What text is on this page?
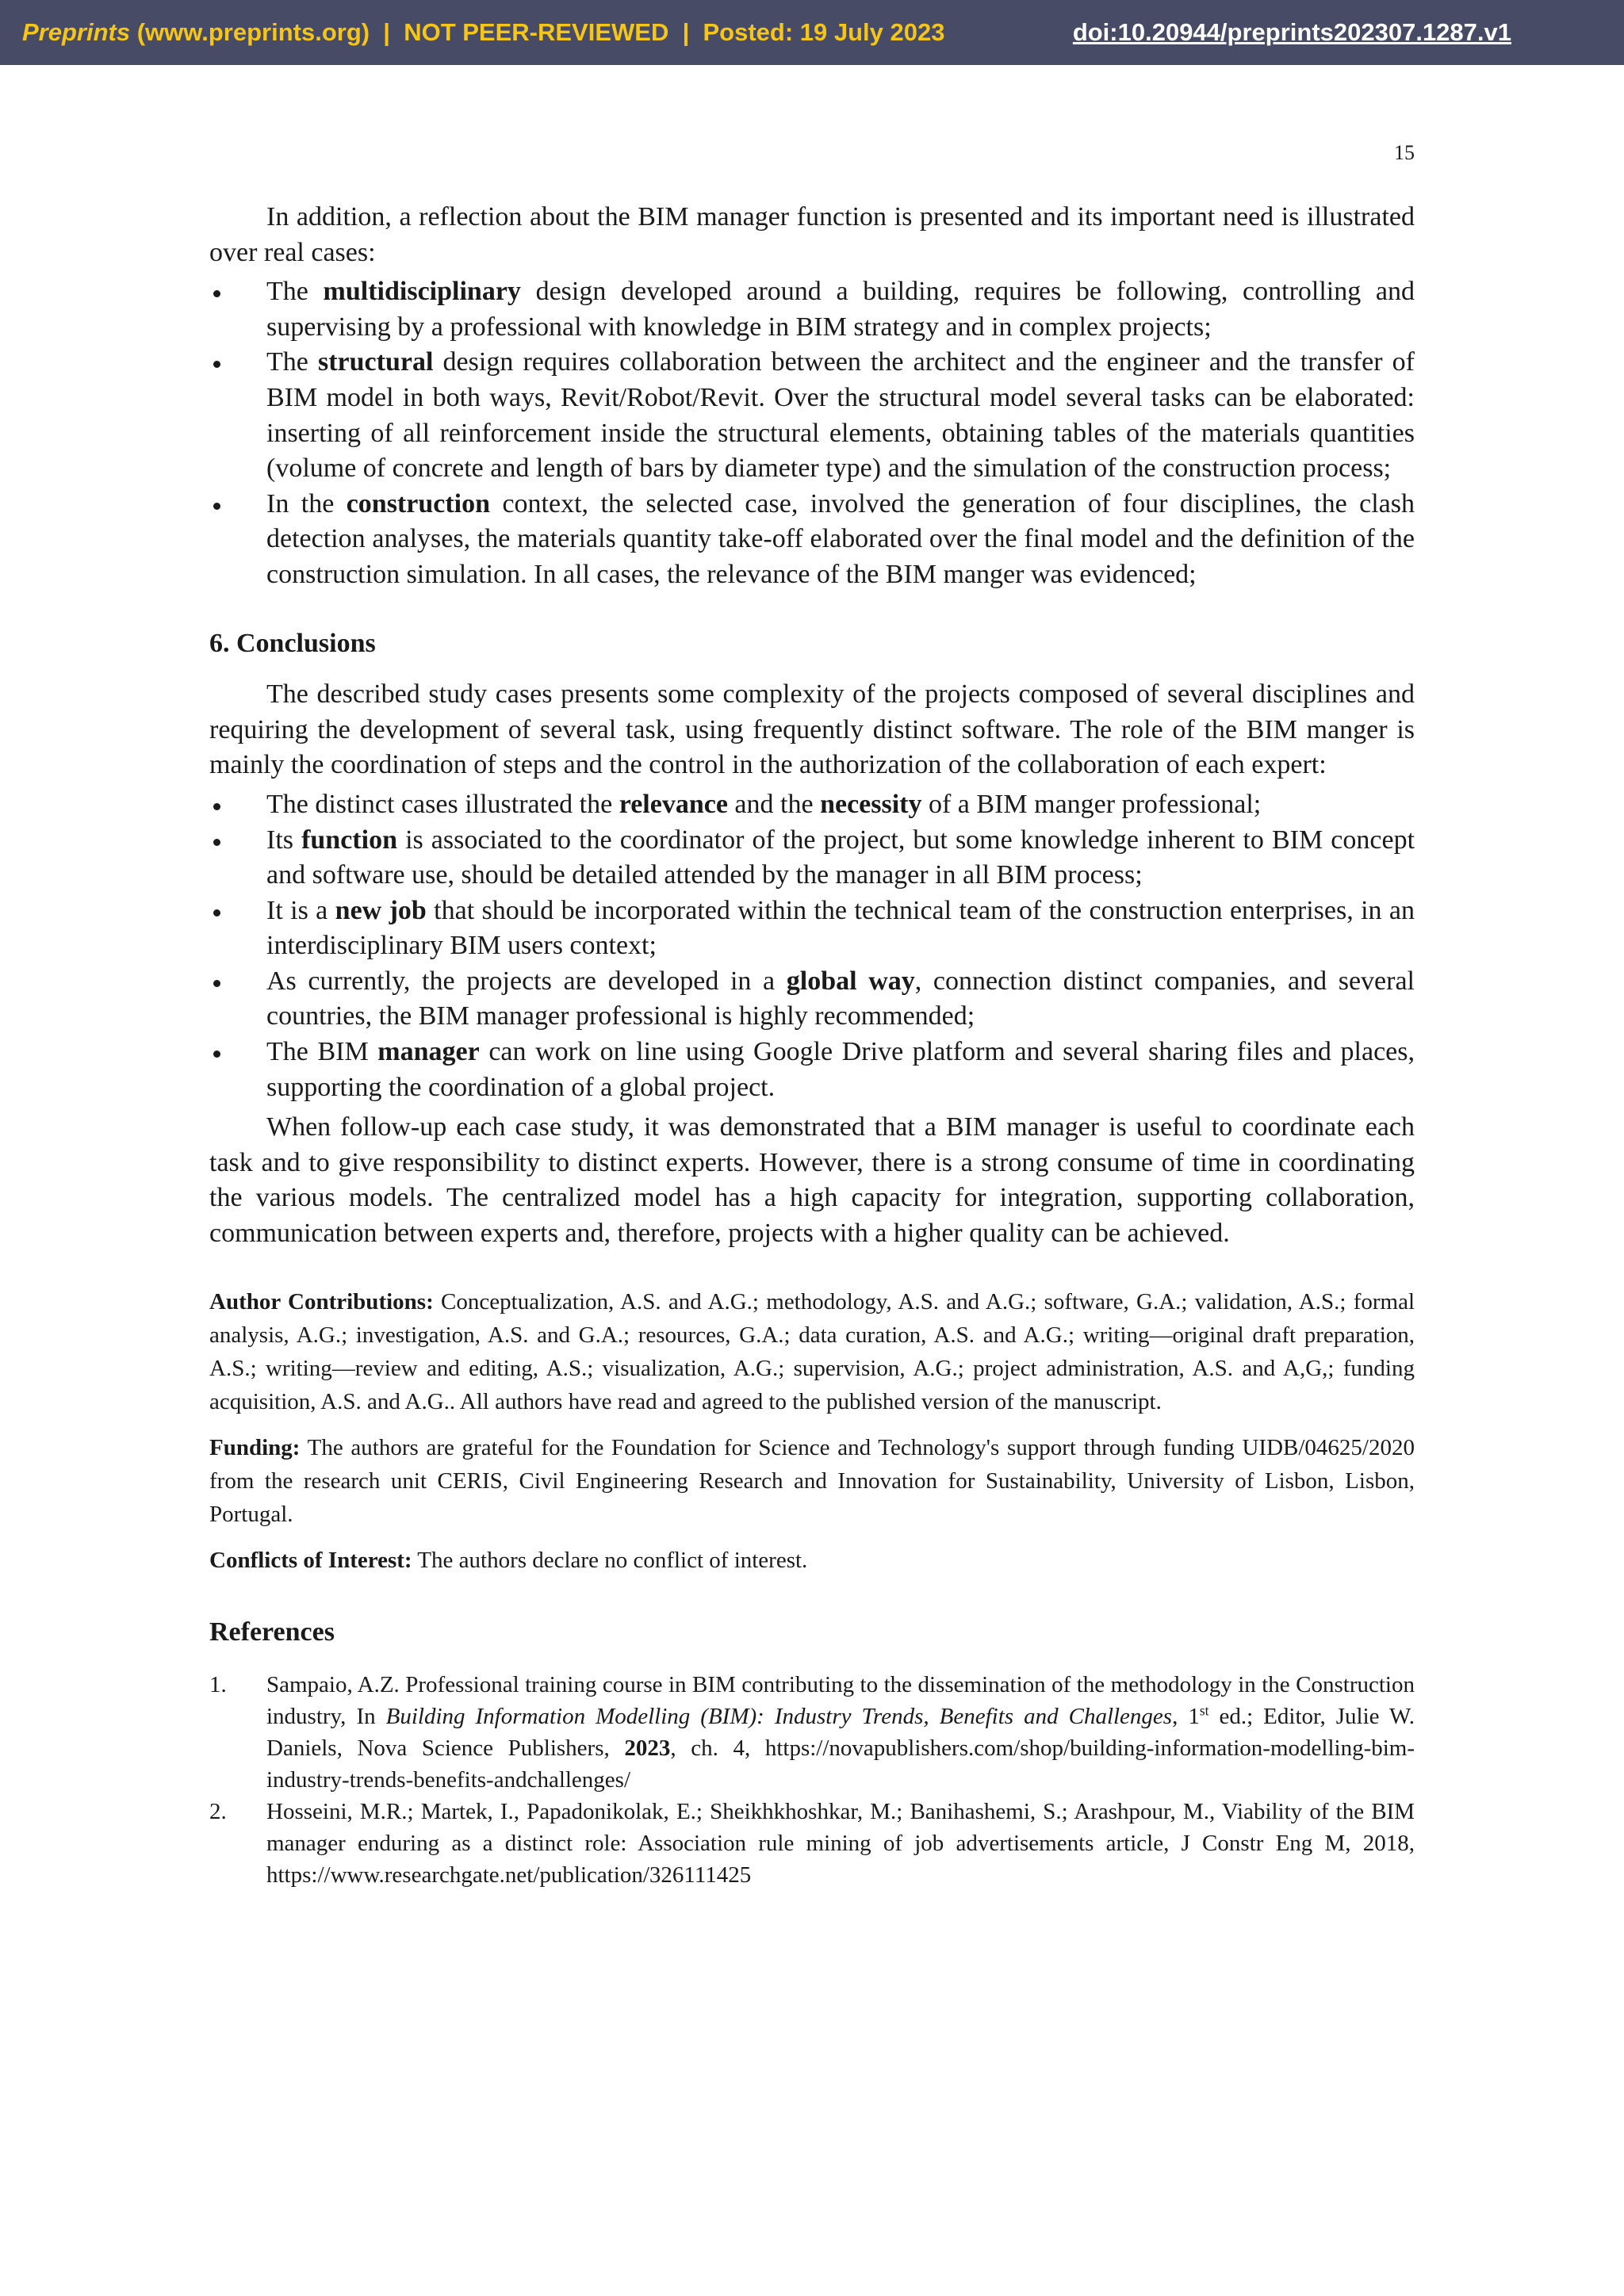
Preprints (www.preprints.org)  |  NOT PEER-REVIEWED  |  Posted: 19 July 2023	doi:10.20944/preprints202307.1287.v1
15

In addition, a reflection about the BIM manager function is presented and its important need is illustrated over real cases:

The multidisciplinary design developed around a building, requires be following, controlling and supervising by a professional with knowledge in BIM strategy and in complex projects;
The structural design requires collaboration between the architect and the engineer and the transfer of BIM model in both ways, Revit/Robot/Revit. Over the structural model several tasks can be elaborated: inserting of all reinforcement inside the structural elements, obtaining tables of the materials quantities (volume of concrete and length of bars by diameter type) and the simulation of the construction process;
In the construction context, the selected case, involved the generation of four disciplines, the clash detection analyses, the materials quantity take-off elaborated over the final model and the definition of the construction simulation. In all cases, the relevance of the BIM manger was evidenced;
6. Conclusions

The described study cases presents some complexity of the projects composed of several disciplines and requiring the development of several task, using frequently distinct software. The role of the BIM manger is mainly the coordination of steps and the control in the authorization of the collaboration of each expert:

The distinct cases illustrated the relevance and the necessity of a BIM manger professional;
Its function is associated to the coordinator of the project, but some knowledge inherent to BIM concept and software use, should be detailed attended by the manager in all BIM process;
It is a new job that should be incorporated within the technical team of the construction enterprises, in an interdisciplinary BIM users context;
As currently, the projects are developed in a global way, connection distinct companies, and several countries, the BIM manager professional is highly recommended;
The BIM manager can work on line using Google Drive platform and several sharing files and places, supporting the coordination of a global project.

When follow-up each case study, it was demonstrated that a BIM manager is useful to coordinate each task and to give responsibility to distinct experts. However, there is a strong consume of time in coordinating the various models. The centralized model has a high capacity for integration, supporting collaboration, communication between experts and, therefore, projects with a higher quality can be achieved.

Author Contributions: Conceptualization, A.S. and A.G.; methodology, A.S. and A.G.; software, G.A.; validation, A.S.; formal analysis, A.G.; investigation, A.S. and G.A.; resources, G.A.; data curation, A.S. and A.G.; writing—original draft preparation, A.S.; writing—review and editing, A.S.; visualization, A.G.; supervision, A.G.; project administration, A.S. and A,G,; funding acquisition, A.S. and A.G.. All authors have read and agreed to the published version of the manuscript.

Funding: The authors are grateful for the Foundation for Science and Technology's support through funding UIDB/04625/2020 from the research unit CERIS, Civil Engineering Research and Innovation for Sustainability, University of Lisbon, Lisbon, Portugal.

Conflicts of Interest: The authors declare no conflict of interest.

References
1. Sampaio, A.Z. Professional training course in BIM contributing to the dissemination of the methodology in the Construction industry, In Building Information Modelling (BIM): Industry Trends, Benefits and Challenges, 1st ed.; Editor, Julie W. Daniels, Nova Science Publishers, 2023, ch. 4, https://novapublishers.com/shop/building-information-modelling-bim-industry-trends-benefits-andchallenges/
2. Hosseini, M.R.; Martek, I., Papadonikolak, E.; Sheikhkhoshkar, M.; Banihashemi, S.; Arashpour, M., Viability of the BIM manager enduring as a distinct role: Association rule mining of job advertisements article, J Constr Eng M, 2018, https://www.researchgate.net/publication/326111425
